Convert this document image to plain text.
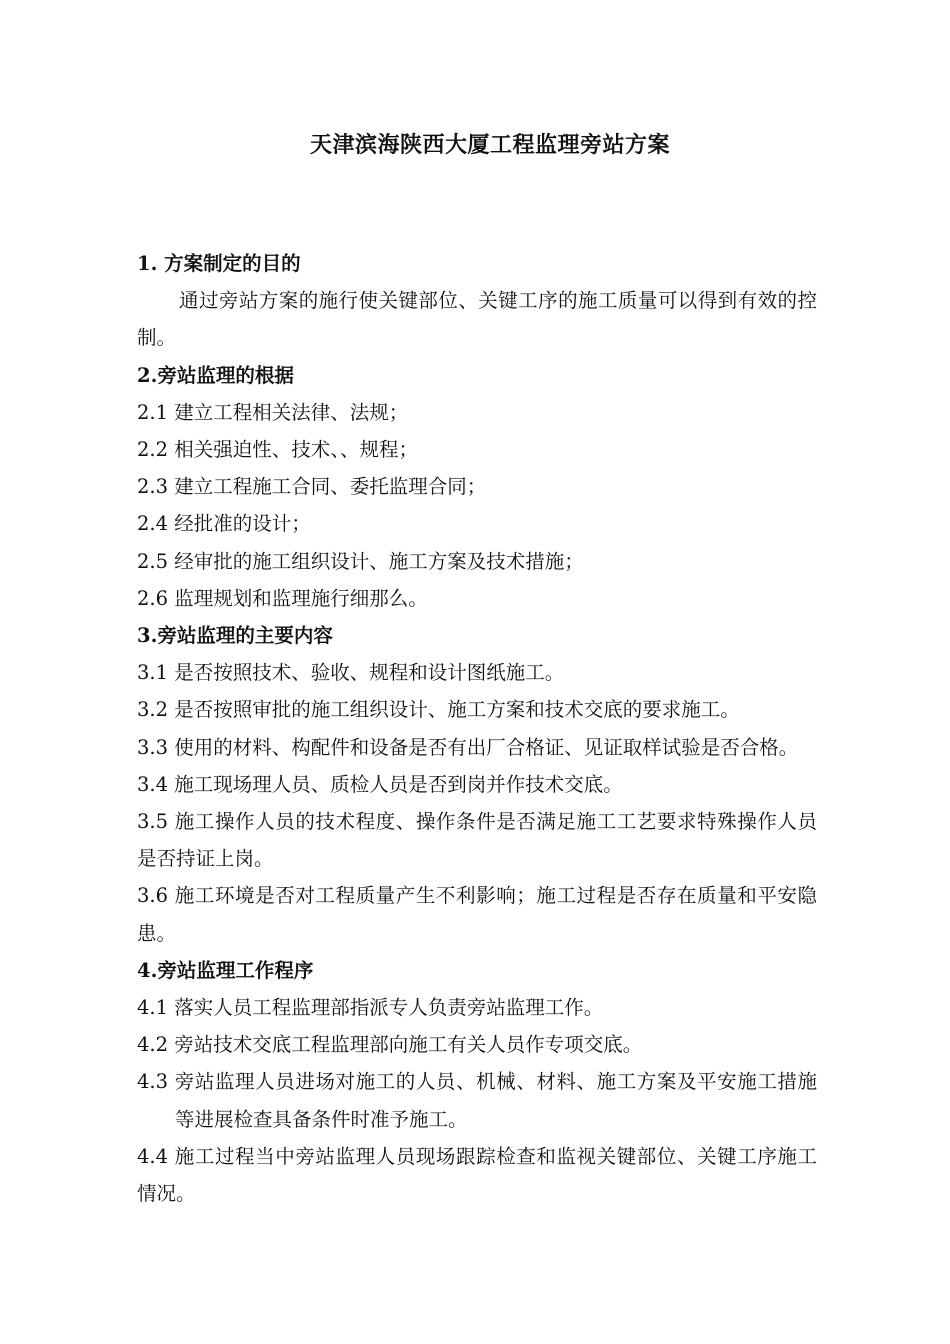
天津滨海陕西大厦工程监理旁站方案

1. 方案制定的目的

通过旁站方案的施行使关键部位、关键工序的施工质量可以得到有效的控制。

2.旁站监理的根据

2.1 建立工程相关法律、法规；

2.2 相关强迫性、技术、、规程；

2.3 建立工程施工合同、委托监理合同；

2.4 经批准的设计；

2.5 经审批的施工组织设计、施工方案及技术措施；

2.6 监理规划和监理施行细那么。

3.旁站监理的主要内容

3.1 是否按照技术、验收、规程和设计图纸施工。

3.2 是否按照审批的施工组织设计、施工方案和技术交底的要求施工。

3.3 使用的材料、构配件和设备是否有出厂合格证、见证取样试验是否合格。

3.4 施工现场理人员、质检人员是否到岗并作技术交底。

3.5 施工操作人员的技术程度、操作条件是否满足施工工艺要求特殊操作人员是否持证上岗。

3.6 施工环境是否对工程质量产生不利影响；施工过程是否存在质量和平安隐患。

4.旁站监理工作程序

4.1 落实人员工程监理部指派专人负责旁站监理工作。

4.2 旁站技术交底工程监理部向施工有关人员作专项交底。

4.3 旁站监理人员进场对施工的人员、机械、材料、施工方案及平安施工措施等进展检查具备条件时准予施工。

4.4 施工过程当中旁站监理人员现场跟踪检查和监视关键部位、关键工序施工情况。
